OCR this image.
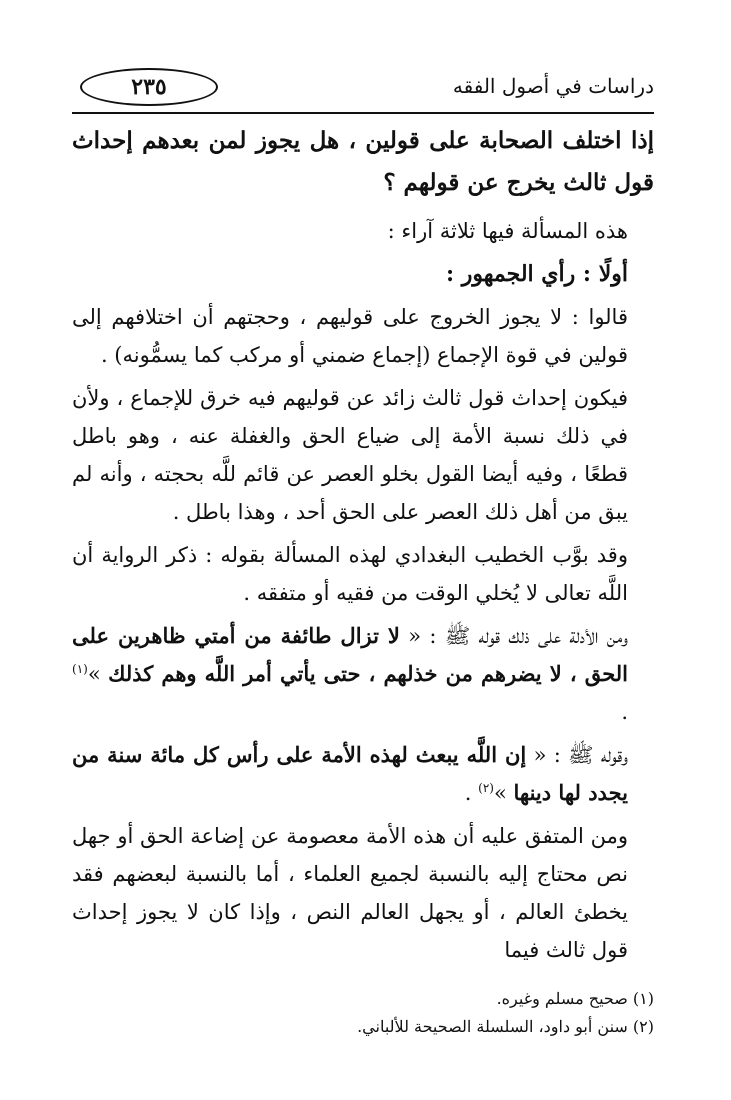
دراسات في أصول الفقه
٢٣٥

إذا اختلف الصحابة على قولين ، هل يجوز لمن بعدهم إحداث قول ثالث يخرج عن قولهم ؟

هذه المسألة فيها ثلاثة آراء :

أولًا : رأي الجمهور :

قالوا : لا يجوز الخروج على قوليهم ، وحجتهم أن اختلافهم إلى قولين في قوة الإجماع (إجماع ضمني أو مركب كما يسمُّونه) .

فيكون إحداث قول ثالث زائد عن قوليهم فيه خرق للإجماع ، ولأن في ذلك نسبة الأمة إلى ضياع الحق والغفلة عنه ، وهو باطل قطعًا ، وفيه أيضا القول بخلو العصر عن قائم للَّه بحجته ، وأنه لم يبق من أهل ذلك العصر على الحق أحد ، وهذا باطل .

وقد بوَّب الخطيب البغدادي لهذه المسألة بقوله : ذكر الرواية أن اللَّه تعالى لا يُخلي الوقت من فقيه أو متفقه .

ومن الأدلة على ذلك قوله ﷺ : « لا تزال طائفة من أمتي ظاهرين على الحق ، لا يضرهم من خذلهم ، حتى يأتي أمر اللَّه وهم كذلك »$^{(١)}$ .

وقوله ﷺ : « إن اللَّه يبعث لهذه الأمة على رأس كل مائة سنة من يجدد لها دينها »$^{(٢)}$ .

ومن المتفق عليه أن هذه الأمة معصومة عن إضاعة الحق أو جهل نص محتاج إليه بالنسبة لجميع العلماء ، أما بالنسبة لبعضهم فقد يخطئ العالم ، أو يجهل العالم النص ، وإذا كان لا يجوز إحداث قول ثالث فيما

(١) صحيح مسلم وغيره.
(٢) سنن أبو داود، السلسلة الصحيحة للألباني.
